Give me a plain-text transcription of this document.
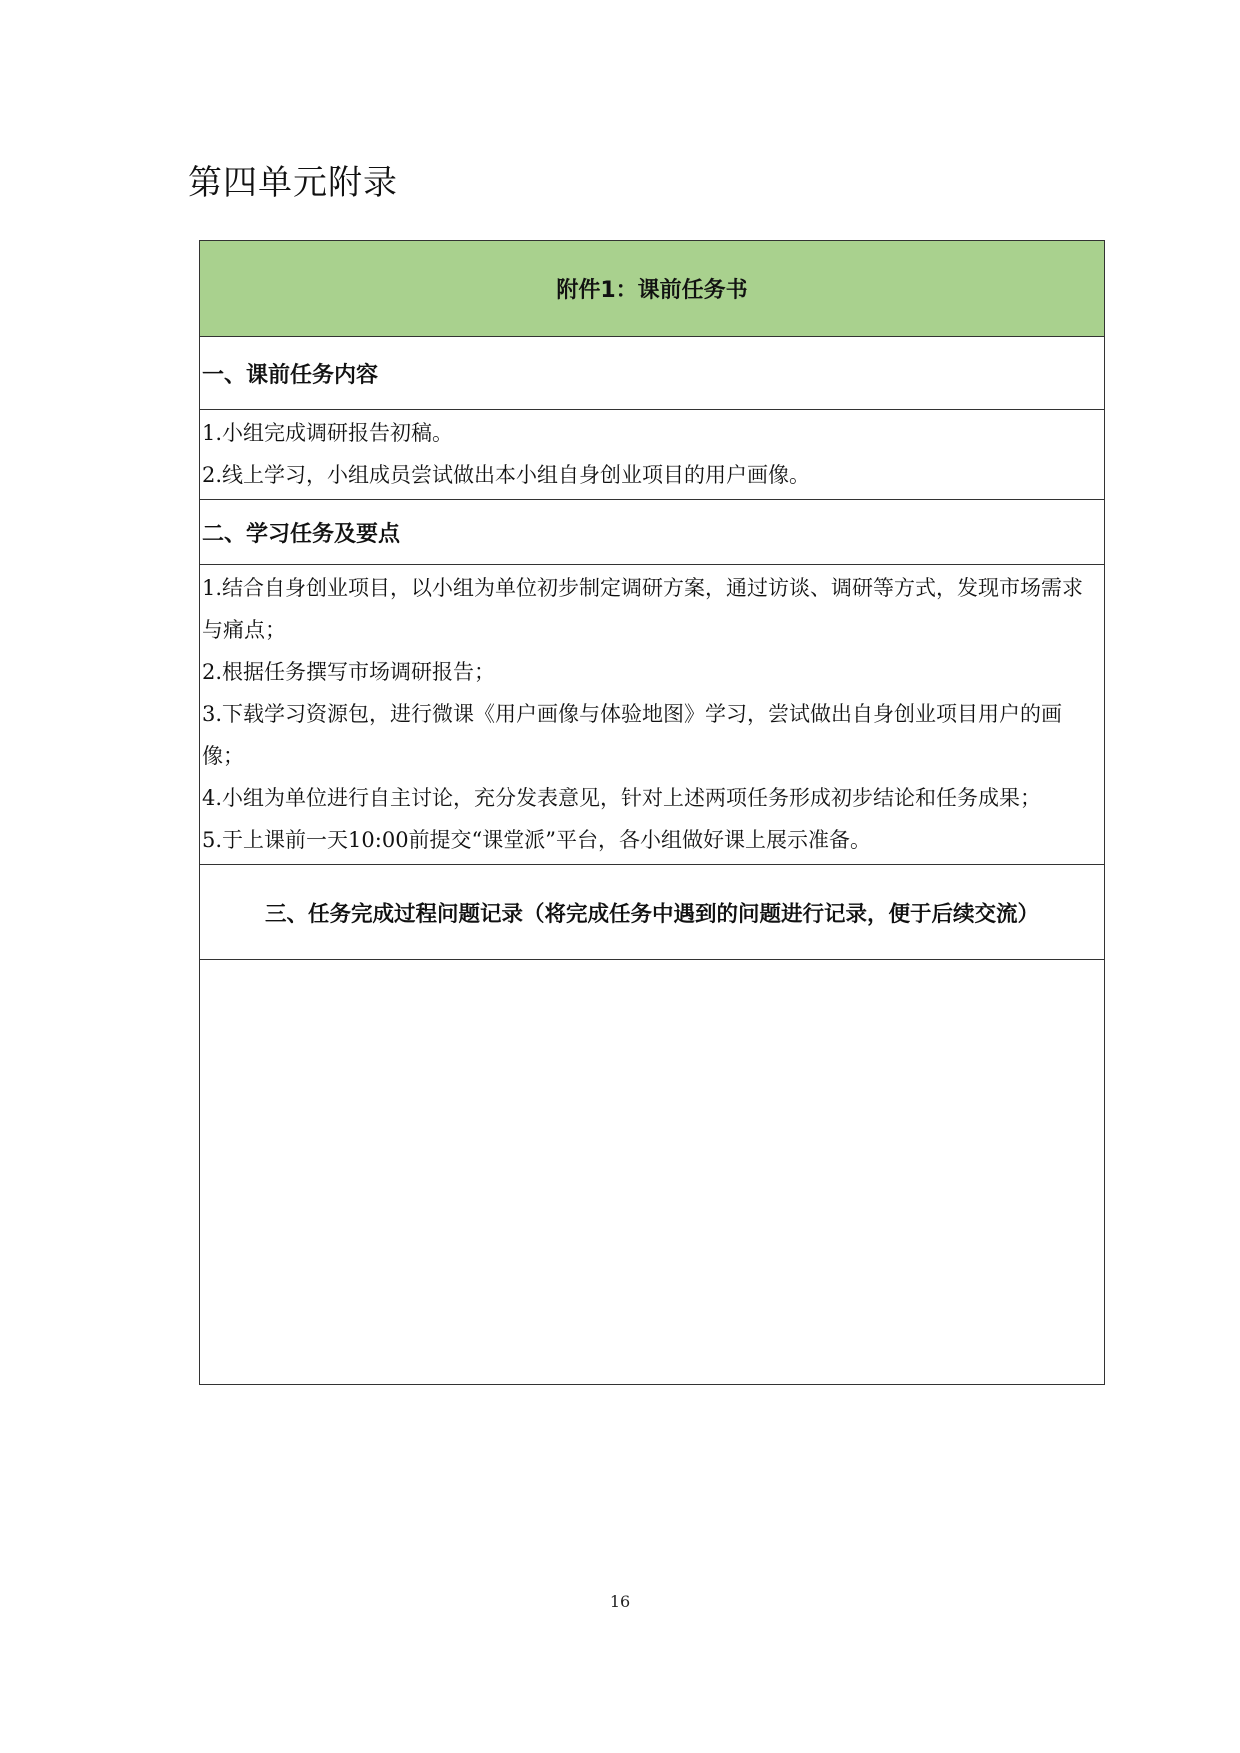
第四单元附录
附件1：课前任务书
一、课前任务内容

1.小组完成调研报告初稿。

2.线上学习，小组成员尝试做出本小组自身创业项目的用户画像。

二、学习任务及要点

1.结合自身创业项目，以小组为单位初步制定调研方案，通过访谈、调研等方式，发现市场需求与痛点；

2.根据任务撰写市场调研报告；

3.下载学习资源包，进行微课《用户画像与体验地图》学习，尝试做出自身创业项目用户的画像；

4.小组为单位进行自主讨论，充分发表意见，针对上述两项任务形成初步结论和任务成果；

5.于上课前一天10:00前提交“课堂派”平台，各小组做好课上展示准备。

三、任务完成过程问题记录（将完成任务中遇到的问题进行记录，便于后续交流）

16
